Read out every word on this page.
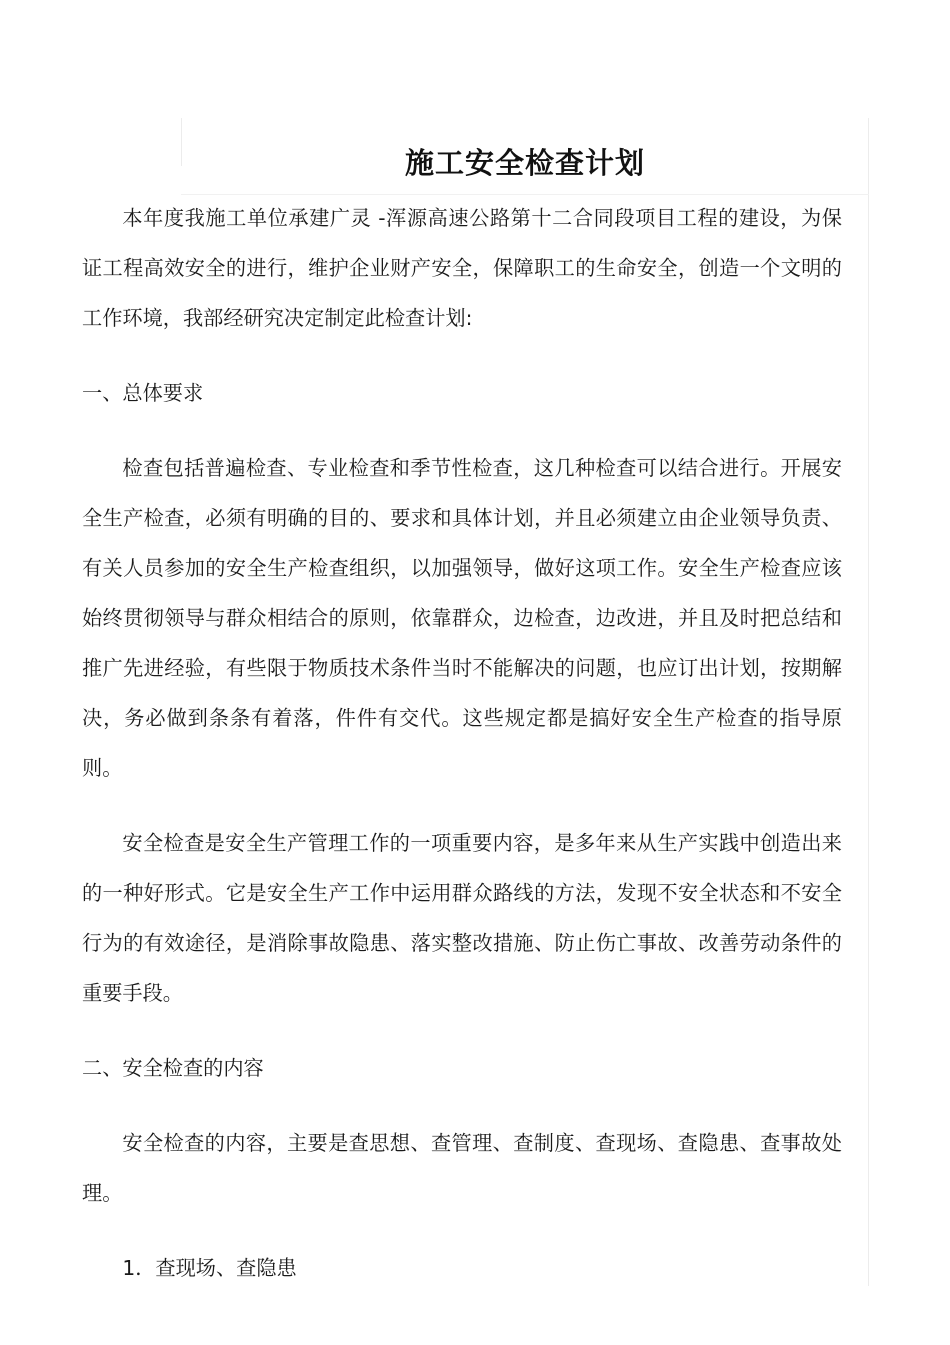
施工安全检查计划

本年度我施工单位承建广灵 -浑源高速公路第十二合同段项目工程的建设，为保证工程高效安全的进行，维护企业财产安全，保障职工的生命安全，创造一个文明的工作环境，我部经研究决定制定此检查计划:

一、总体要求

检查包括普遍检查、专业检查和季节性检查，这几种检查可以结合进行。开展安全生产检查，必须有明确的目的、要求和具体计划，并且必须建立由企业领导负责、有关人员参加的安全生产检查组织，以加强领导，做好这项工作。安全生产检查应该始终贯彻领导与群众相结合的原则，依靠群众，边检查，边改进，并且及时把总结和推广先进经验，有些限于物质技术条件当时不能解决的问题，也应订出计划，按期解决，务必做到条条有着落，件件有交代。这些规定都是搞好安全生产检查的指导原则。

安全检查是安全生产管理工作的一项重要内容，是多年来从生产实践中创造出来的一种好形式。它是安全生产工作中运用群众路线的方法，发现不安全状态和不安全行为的有效途径，是消除事故隐患、落实整改措施、防止伤亡事故、改善劳动条件的重要手段。

二、安全检查的内容

安全检查的内容，主要是查思想、查管理、查制度、查现场、查隐患、查事故处理。

1．查现场、查隐患
